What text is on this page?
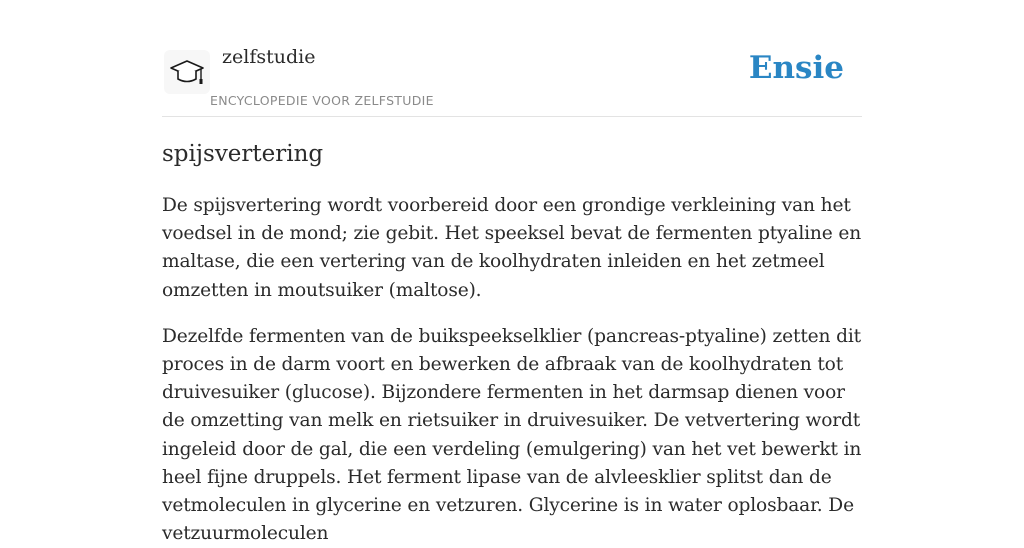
zelfstudie
ENCYCLOPEDIE VOOR ZELFSTUDIE
Ensie
spijsvertering

De spijsvertering wordt voorbereid door een grondige verkleining van het voedsel in de mond; zie gebit. Het speeksel bevat de fermenten ptyaline en maltase, die een vertering van de koolhydraten inleiden en het zetmeel omzetten in moutsuiker (maltose).

Dezelfde fermenten van de buikspeekselklier (pancreas-ptyaline) zetten dit proces in de darm voort en bewerken de afbraak van de koolhydraten tot druivesuiker (glucose). Bijzondere fermenten in het darmsap dienen voor de omzetting van melk en rietsuiker in druivesuiker. De vetvertering wordt ingeleid door de gal, die een verdeling (emulgering) van het vet bewerkt in heel fijne druppels. Het ferment lipase van de alvleesklier splitst dan de vetmoleculen in glycerine en vetzuren. Glycerine is in water oplosbaar. De vetzuurmoleculen
